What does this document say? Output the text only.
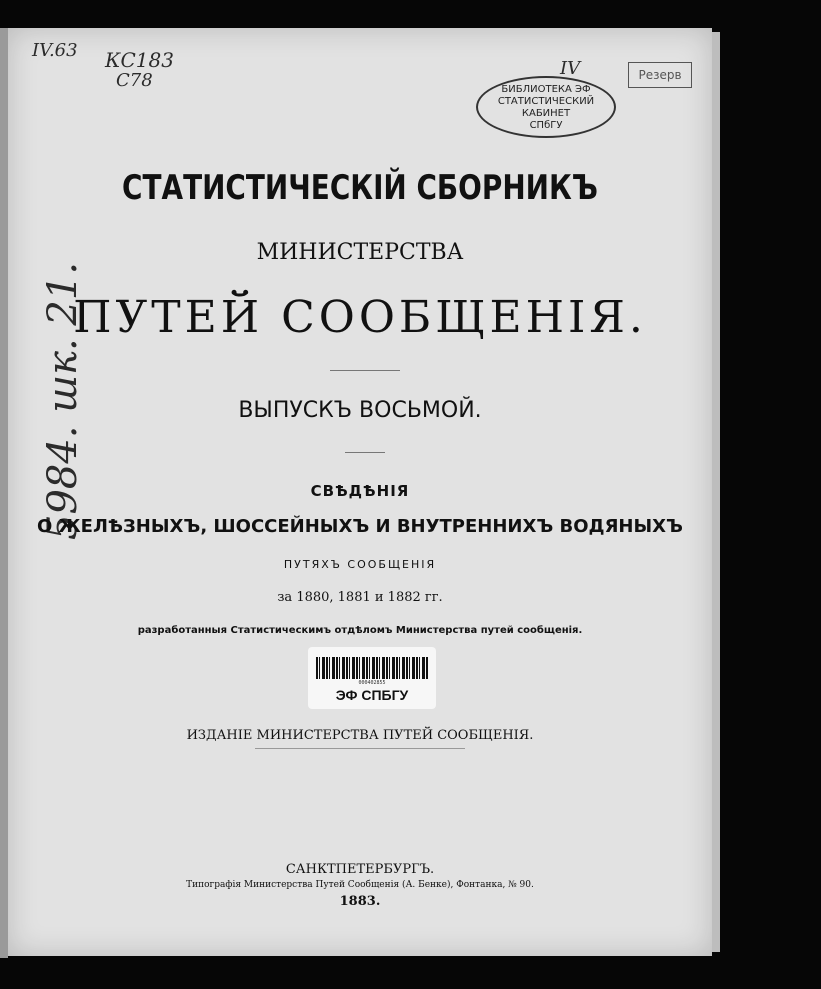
IV.63 КС183
С78
IV
5984. шк. 21.
Резерв
БИБЛИОТЕКА ЭФ
СТАТИСТИЧЕСКИЙ
КАБИНЕТ
СПбГУ
СТАТИСТИЧЕСКІЙ СБОРНИКЪ
МИНИСТЕРСТВА
ПУТЕЙ СООБЩЕНІЯ.
ВЫПУСКЪ ВОСЬМОЙ.
СВѢДѢНІЯ
О ЖЕЛѢЗНЫХЪ, ШОССЕЙНЫХЪ И ВНУТРЕННИХЪ ВОДЯНЫХЪ
ПУТЯХЪ СООБЩЕНІЯ
за 1880, 1881 и 1882 гг.
разработанныя Статистическимъ отдѣломъ Министерства путей сообщенія.
000402855
ЭФ СПБГУ
ИЗДАНІЕ МИНИСТЕРСТВА ПУТЕЙ СООБЩЕНІЯ.
САНКТПЕТЕРБУРГЪ.
Типографія Министерства Путей Сообщенія (А. Бенке), Фонтанка, № 90.
1883.
